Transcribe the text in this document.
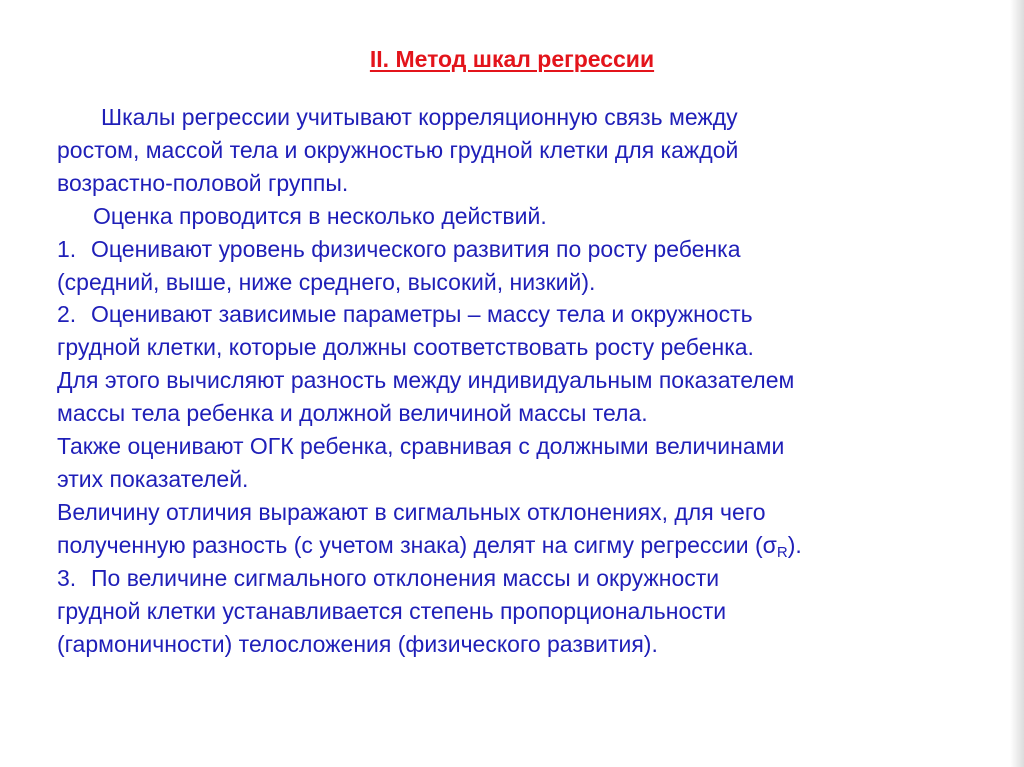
II. Метод шкал регрессии
Шкалы регрессии учитывают корреляционную связь между
ростом, массой тела и окружностью грудной клетки для каждой
возрастно-половой группы.
Оценка проводится в несколько действий.
1. Оценивают уровень физического развития по росту ребенка
(средний, выше, ниже среднего, высокий, низкий).
2. Оценивают зависимые параметры – массу тела и окружность
грудной клетки, которые должны соответствовать росту ребенка.
Для этого вычисляют разность между индивидуальным показателем
массы тела ребенка и должной величиной массы тела.
Также оценивают ОГК ребенка, сравнивая с должными величинами
этих показателей.
Величину отличия выражают в сигмальных отклонениях, для чего
полученную разность (с учетом знака) делят на сигму регрессии $(\sigma_R)$.
3. По величине сигмального отклонения массы и окружности
грудной клетки устанавливается степень пропорциональности
(гармоничности) телосложения (физического развития).
